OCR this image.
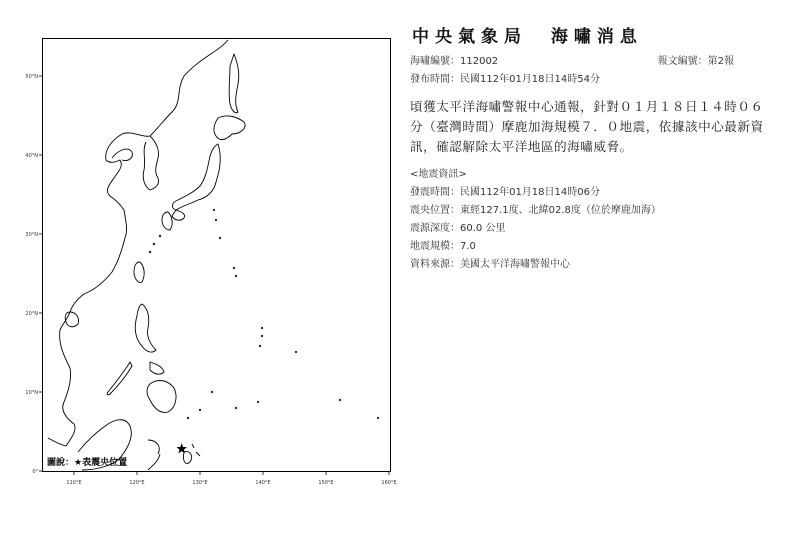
50°N
40°N
30°N
20°N
10°N
0°
110°E	120°E	130°E	140°E	150°E	160°E
圖說：★表震央位置
中央氣象局 海嘯消息
海嘯編號：112002	報文編號：第2報
發布時間：民國112年01月18日14時54分
頃獲太平洋海嘯警報中心通報，針對０１月１８日１４時０６分（臺灣時間）摩鹿加海規模７．０地震，依據該中心最新資訊，確認解除太平洋地區的海嘯威脅。
<地震資訊>
發震時間：民國112年01月18日14時06分
震央位置：東經127.1度、北緯02.8度（位於摩鹿加海）
震源深度：60.0 公里
地震規模：7.0
資料來源：美國太平洋海嘯警報中心
